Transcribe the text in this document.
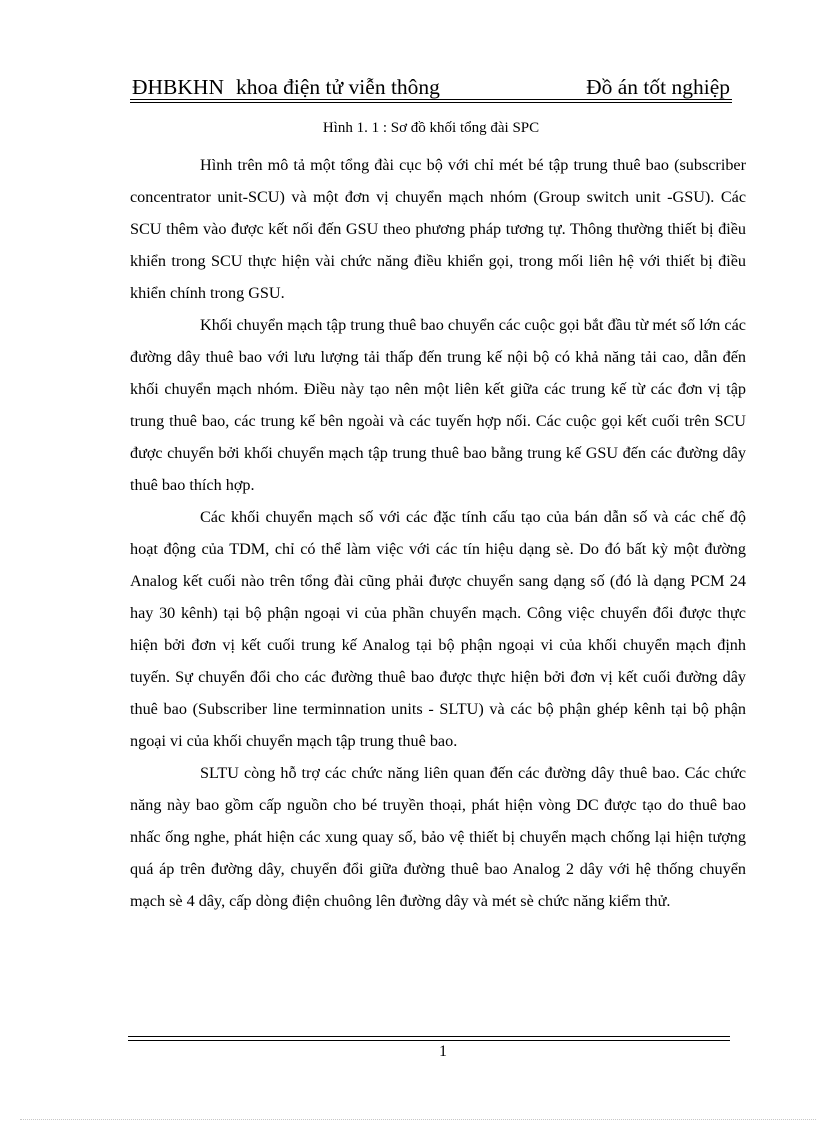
ĐHBKHN khoa điện tử viễn thông	Đồ án tốt nghiệp
Hình 1. 1 : Sơ đồ khối tổng đài SPC

Hình trên mô tả một tổng đài cục bộ với chỉ mét bé tập trung thuê bao (subscriber concentrator unit-SCU) và một đơn vị chuyển mạch nhóm (Group switch unit -GSU). Các SCU thêm vào được kết nối đến GSU theo phương pháp tương tự. Thông thường thiết bị điều khiển trong SCU thực hiện vài chức năng điều khiển gọi, trong mối liên hệ với thiết bị điều khiển chính trong GSU.

Khối chuyển mạch tập trung thuê bao chuyển các cuộc gọi bắt đầu từ mét số lớn các đường dây thuê bao với lưu lượng tải thấp đến trung kế nội bộ có khả năng tải cao, dẫn đến khối chuyển mạch nhóm. Điều này tạo nên một liên kết giữa các trung kế từ các đơn vị tập trung thuê bao, các trung kế bên ngoài và các tuyến hợp nối. Các cuộc gọi kết cuối trên SCU được chuyển bởi khối chuyển mạch tập trung thuê bao bằng trung kế GSU đến các đường dây thuê bao thích hợp.

Các khối chuyển mạch số với các đặc tính cấu tạo của bán dẫn số và các chế độ hoạt động của TDM, chỉ có thể làm việc với các tín hiệu dạng sè. Do đó bất kỳ một đường Analog kết cuối nào trên tổng đài cũng phải được chuyển sang dạng số (đó là dạng PCM 24 hay 30 kênh) tại bộ phận ngoại vi của phần chuyển mạch. Công việc chuyển đổi được thực hiện bởi đơn vị kết cuối trung kế Analog tại bộ phận ngoại vi của khối chuyển mạch định tuyến. Sự chuyển đổi cho các đường thuê bao được thực hiện bởi đơn vị kết cuối đường dây thuê bao (Subscriber line terminnation units - SLTU) và các bộ phận ghép kênh tại bộ phận ngoại vi của khối chuyển mạch tập trung thuê bao.

SLTU còng hỗ trợ các chức năng liên quan đến các đường dây thuê bao. Các chức năng này bao gồm cấp nguồn cho bé truyền thoại, phát hiện vòng DC được tạo do thuê bao nhấc ống nghe, phát hiện các xung quay số, bảo vệ thiết bị chuyển mạch chống lại hiện tượng quá áp trên đường dây, chuyển đổi giữa đường thuê bao Analog 2 dây với hệ thống chuyển mạch sè 4 dây, cấp dòng điện chuông lên đường dây và mét sè chức năng kiểm thử.

1
